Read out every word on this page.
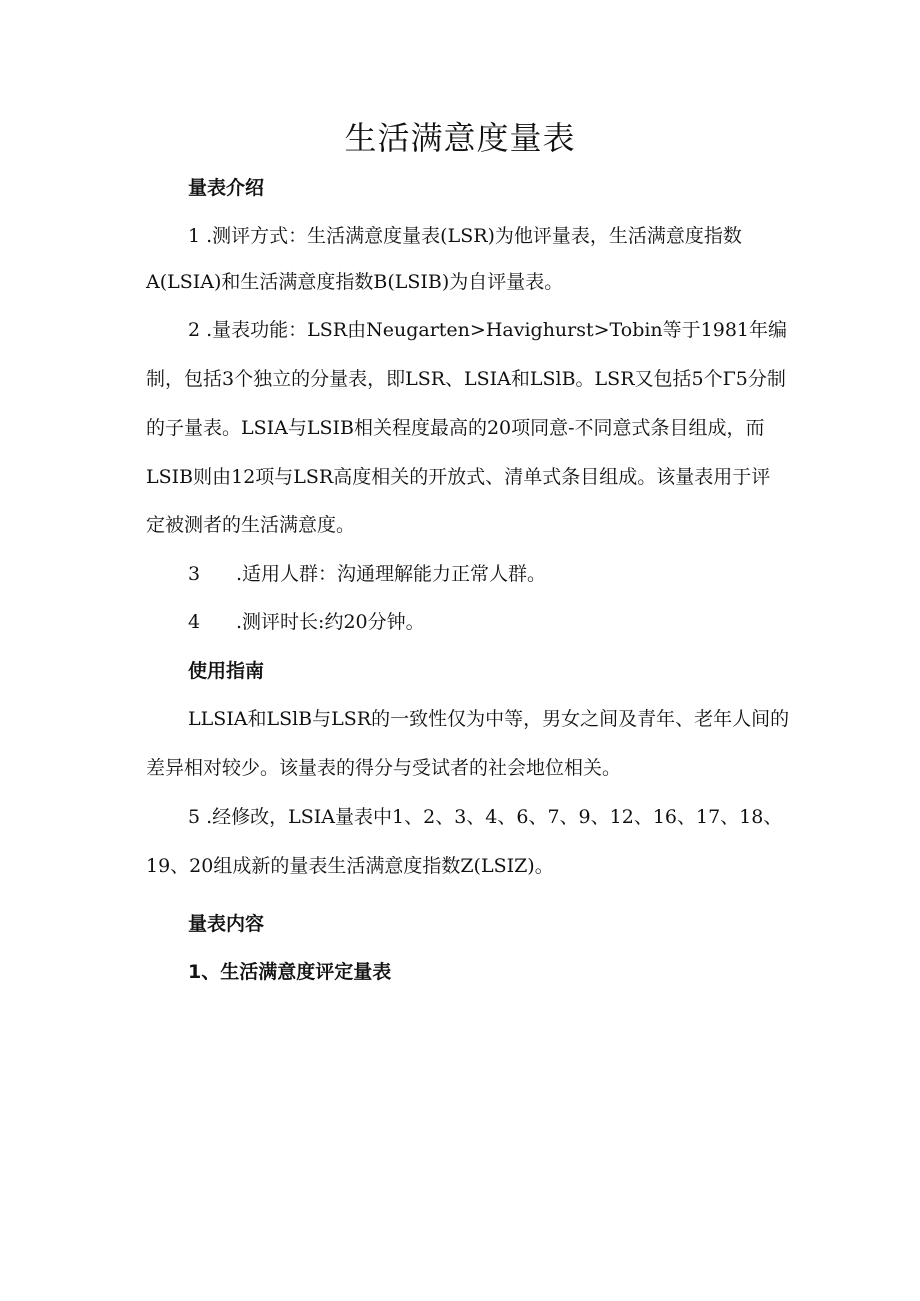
生活满意度量表
量表介绍
1 .测评方式：生活满意度量表(LSR)为他评量表，生活满意度指数
A(LSIA)和生活满意度指数B(LSIB)为自评量表。
2 .量表功能：LSR由Neugarten>Havighurst>Tobin等于1981年编
制，包括3个独立的分量表，即LSR、LSIA和LSlB。LSR又包括5个Γ5分制
的子量表。LSIA与LSIB相关程度最高的20项同意-不同意式条目组成，而
LSIB则由12项与LSR高度相关的开放式、清单式条目组成。该量表用于评
定被测者的生活满意度。
3 .适用人群：沟通理解能力正常人群。
4 .测评时长:约20分钟。
使用指南
LLSIA和LSlB与LSR的一致性仅为中等，男女之间及青年、老年人间的
差异相对较少。该量表的得分与受试者的社会地位相关。
5 .经修改，LSIA量表中1、2、3、4、6、7、9、12、16、17、18、
19、20组成新的量表生活满意度指数Z(LSIZ)。
量表内容
1、生活满意度评定量表
